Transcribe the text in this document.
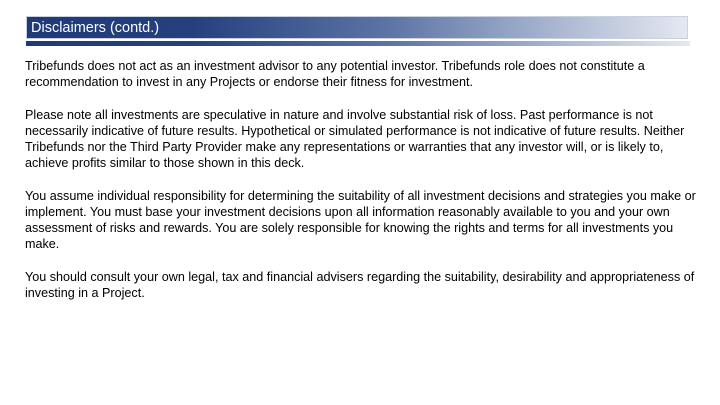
Disclaimers (contd.)

Tribefunds does not act as an investment advisor to any potential investor. Tribefunds role does not constitute a recommendation to invest in any Projects or endorse their fitness for investment.

Please note all investments are speculative in nature and involve substantial risk of loss. Past performance is not necessarily indicative of future results. Hypothetical or simulated performance is not indicative of future results. Neither Tribefunds nor the Third Party Provider make any representations or warranties that any investor will, or is likely to, achieve profits similar to those shown in this deck.

You assume individual responsibility for determining the suitability of all investment decisions and strategies you make or implement. You must base your investment decisions upon all information reasonably available to you and your own assessment of risks and rewards. You are solely responsible for knowing the rights and terms for all investments you make.

You should consult your own legal, tax and financial advisers regarding the suitability, desirability and appropriateness of investing in a Project.
